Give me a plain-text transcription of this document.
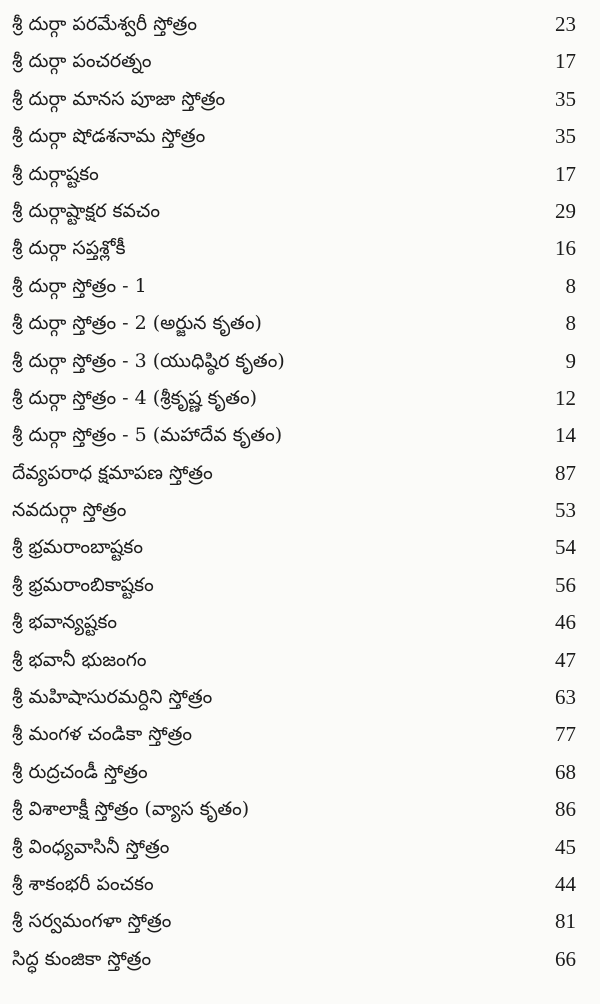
శ్రీ దుర్గా పరమేశ్వరీ స్తోత్రం	23
శ్రీ దుర్గా పంచరత్నం	17
శ్రీ దుర్గా మానస పూజా స్తోత్రం	35
శ్రీ దుర్గా షోడశనామ స్తోత్రం	35
శ్రీ దుర్గాష్టకం	17
శ్రీ దుర్గాష్టాక్షర కవచం	29
శ్రీ దుర్గా సప్తశ్లోకీ	16
శ్రీ దుర్గా స్తోత్రం - 1	8
శ్రీ దుర్గా స్తోత్రం - 2 (అర్జున కృతం)	8
శ్రీ దుర్గా స్తోత్రం - 3 (యుధిష్ఠిర కృతం)	9
శ్రీ దుర్గా స్తోత్రం - 4 (శ్రీకృష్ణ కృతం)	12
శ్రీ దుర్గా స్తోత్రం - 5 (మహాదేవ కృతం)	14
దేవ్యపరాధ క్షమాపణ స్తోత్రం	87
నవదుర్గా స్తోత్రం	53
శ్రీ భ్రమరాంబాష్టకం	54
శ్రీ భ్రమరాంబికాష్టకం	56
శ్రీ భవాన్యష్టకం	46
శ్రీ భవానీ భుజంగం	47
శ్రీ మహిషాసురమర్దిని స్తోత్రం	63
శ్రీ మంగళ చండికా స్తోత్రం	77
శ్రీ రుద్రచండీ స్తోత్రం	68
శ్రీ విశాలాక్షీ స్తోత్రం (వ్యాస కృతం)	86
శ్రీ వింధ్యవాసినీ స్తోత్రం	45
శ్రీ శాకంభరీ పంచకం	44
శ్రీ సర్వమంగళా స్తోత్రం	81
సిద్ధ కుంజికా స్తోత్రం	66
